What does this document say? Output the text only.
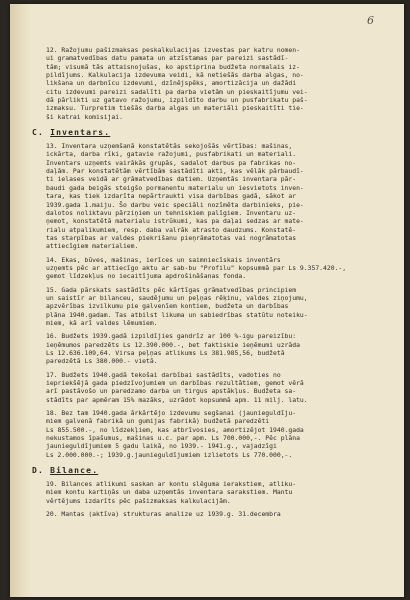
6
12. Ražojumu pašizmaksas peskalkulacijas izvestas par katru nomen-
ui gramatvedības datu pamata un atzīstamas par pareizi sastādī-
tām; visumā tās attaisnojušas, ko apstiprina budžeta normalais iz-
pildījums. Kalkulacija izdevuma veidi, kā netiešās darba algas, no-
likšana un darbnīcu izdevumi, dzīnējspēks, amortizācija un dažādi
citu izdevumi pareizi sadalīti pa darba vietām un pieskaitījumu vei-
dā pārlikti uz gatavo ražojumu, izpildīto darbu un pusfabrikatu paš-
izmaksu. Turpretim tiešās darba algas un materiāli pieskaitīti tie-
ši katrai komisijai.
C. Inventars.
13. Inventara uzņemšanā konstatētās sekojošās vērtības: mašinas,
ickārta, darba rīki, gatavie ražojumi, pusfabrikati un materiali.
Inventars uzņemts vairākās grupās, sadalot darbus pa fabrikas no-
daļām. Par konstatētām vērtībām sastādīti akti, kas vēlāk pārbaudī-
ti ielases veidā ar grāmatvedības datiem. Uzņemtās inventara pār-
baudi gada beigās steigšo pormanentu materialu un iesvietots inven-
tara, kas tiek izdarīta nepārtraukti visa darbības gadā, sākot ar
1939.gada 1.maiju. Šo darbu veic speciāli nozīmēta darbinieks, pie-
dalotos noliktavu pārziņiem un tehniskiem palīgiem. Inventaru uz-
ņemot, konstatētā materialu istrūkumi, kas pa daļai sedzas ar mate-
rialu atpalikumiem, resp. daba valrāk atrasto daudzums. Konstatē-
tas starpības ar valdes piekrišanu pieņrāmatotas vai nogrāmatotas
attiecīgiem materialiem.
14. Ekas, būves, mašinas, ierīces un saimniecīskais inventārs
uzņemts pēc ar attiecīgo aktu ar sab-bu "Profilu" kopsummā par Ls 9.357.420.-,
gemot līdzekļus no iecaitījuma apdrošināšanas fonda.
15. Gada pārskats sastādīts pēc kārtīgas grāmatvedības principiem
un saistīr ar bilanceu, saudējumu un peļņas rēķinu, valdes ziņojumu,
apzvērības izvilkumu pie galvenīem kontiem, budžeta un darbības
plāna 1940.gadam. Tas atbilst likuma un sabiedrības statūtu noteiku-
miem, kā arī valdes lēmumiem.
16. Budžets 1939.gadā izpildījies gandrīz ar 100 %-igu pareizību:
ieņēmumos paredzēts Ls 12.390.000.-, bet faktiskie ieņēmumi uzrāda
Ls 12.636.109,64. Virsa peļņas atlikums Ls 381.985,56, budžetā
paredzētā Ls 380.000.- vietā.
17. Budžets 1940.gadā tekošai darbībai sastādīts, vadoties no
iepriekšējā gada piedzīvojumiem un darbības rezultātiem, gemot vērā
arī pastāvošo un paredzamo darba un tirgus apstākļus. Budžeta sa-
stādīts par apmēram 15% mazāks, uzrādot kopsummā apm. 11 milj. latu.
18. Bez tam 1940.gada ārkārtējo izdevumu segšanai (jaunieguldīju-
miem galvenā fabrikā un gumijas fabrikā) budžetā paredzēti
Ls 855.500.-, no līdzekļiem, kas atbrīvosies, amortizējot 1940.gada
nekustamos īpašumus, mašinas u.c. par apm. Ls 700.000,-. Pēc plāna
jaunieguldījumiem 5 gadu laikā, no 1939.- 1941.g., vajadzīgi
Ls 2.000.000.-; 1939.g.jaunieguldījumiem izlietots Ls 770.000,-.
D. Bilance.
19. Bilances atlikumi saskan ar kontu slēguma ierakstiem, atliku-
miem kontu kartiņās un daba uzņemtās inventara sarakstiem. Mantu
vērtējums izdarīts pēc pašizmaksas kalkulacijām.
20. Mantas (aktīva) strukturas analize uz 1939.g. 31.decembra
